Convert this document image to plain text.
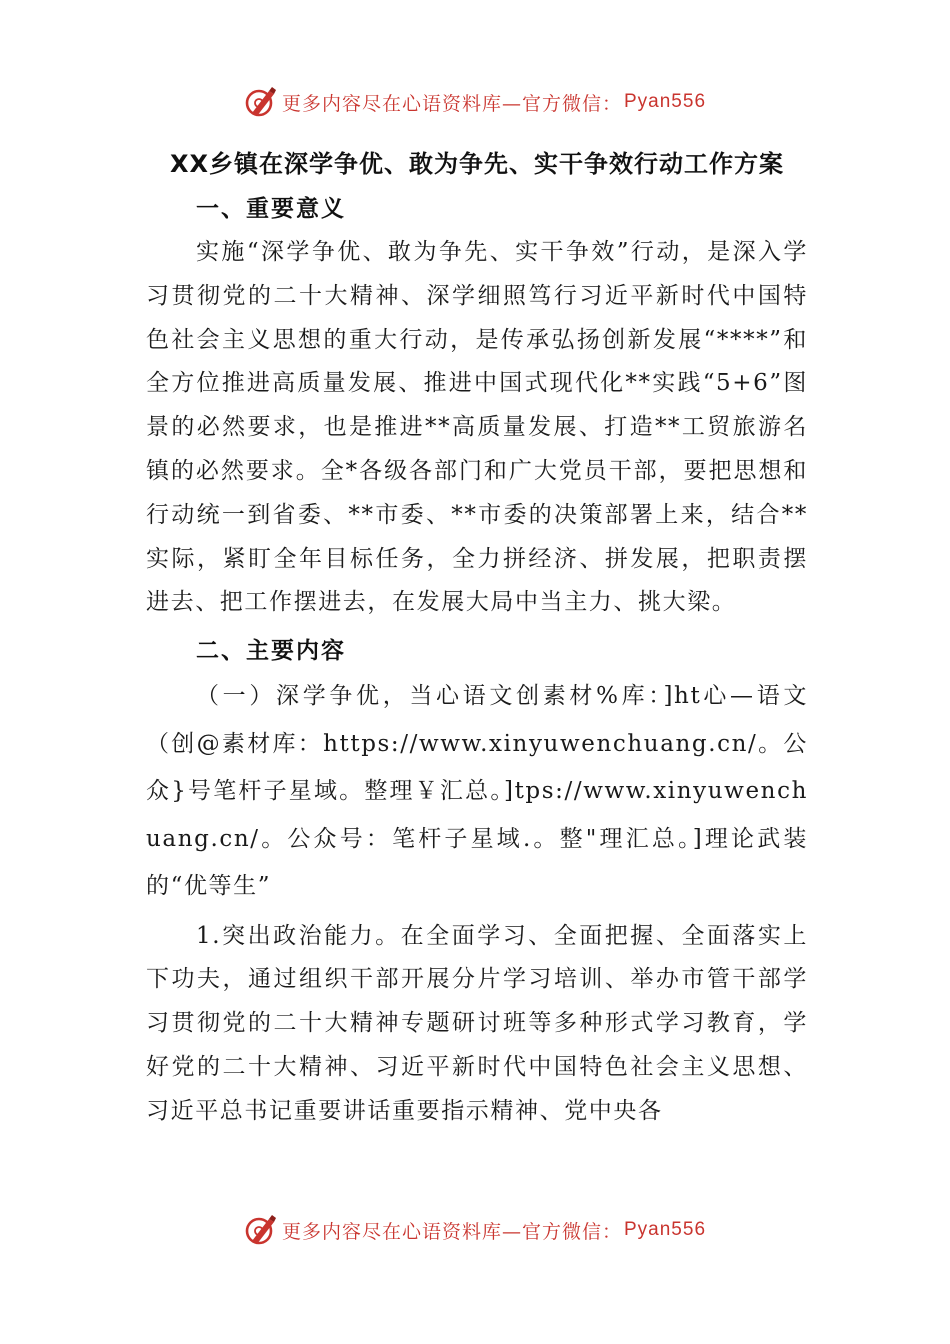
更多内容尽在心语资料库—官方微信： Pyan556
XX乡镇在深学争优、敢为争先、实干争效行动工作方案
一、重要意义

实施“深学争优、敢为争先、实干争效”行动，是深入学习贯彻党的二十大精神、深学细照笃行习近平新时代中国特色社会主义思想的重大行动，是传承弘扬创新发展“****”和全方位推进高质量发展、推进中国式现代化**实践“5+6”图景的必然要求，也是推进**高质量发展、打造**工贸旅游名镇的必然要求。全*各级各部门和广大党员干部，要把思想和行动统一到省委、**市委、**市委的决策部署上来，结合**实际，紧盯全年目标任务，全力拼经济、拼发展，把职责摆进去、把工作摆进去，在发展大局中当主力、挑大梁。

二、主要内容

（一）深学争优，当心语文创素材%库：]ht心—语文（创@素材库：https://www.xinyuwenchuang.cn/。公众}号笔杆子星域。整理￥汇总。]tps://www.xinyuwenchuang.cn/。公众号：笔杆子星域.。整"理汇总。]理论武装的“优等生”

1.突出政治能力。在全面学习、全面把握、全面落实上下功夫，通过组织干部开展分片学习培训、举办市管干部学习贯彻党的二十大精神专题研讨班等多种形式学习教育，学好党的二十大精神、习近平新时代中国特色社会主义思想、习近平总书记重要讲话重要指示精神、党中央各

更多内容尽在心语资料库—官方微信： Pyan556
